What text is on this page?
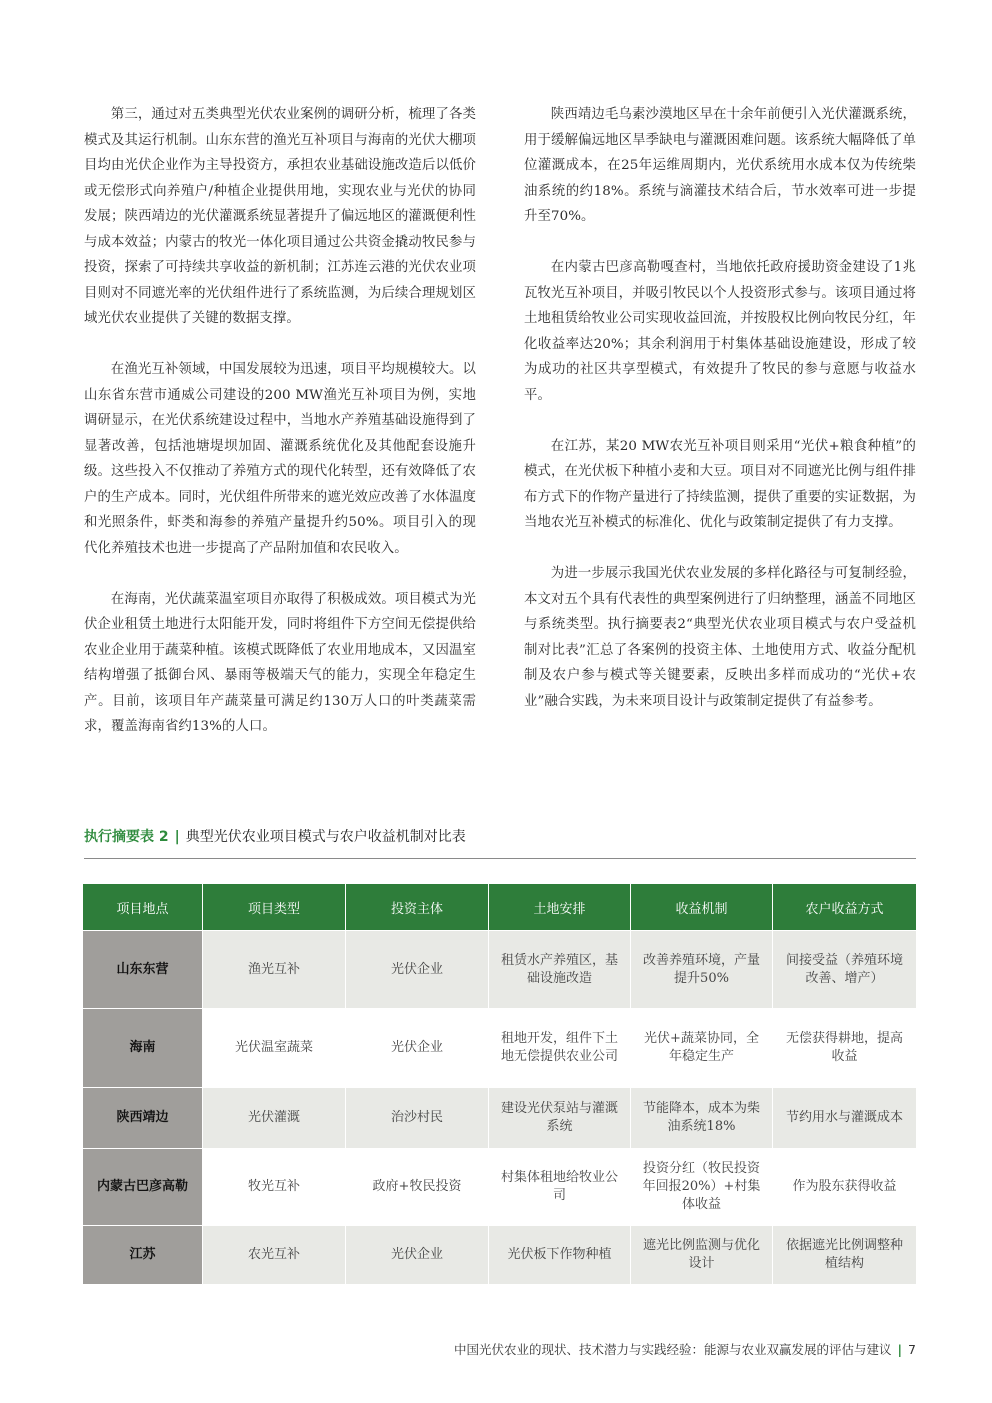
第三，通过对五类典型光伏农业案例的调研分析，梳理了各类模式及其运行机制。山东东营的渔光互补项目与海南的光伏大棚项目均由光伏企业作为主导投资方，承担农业基础设施改造后以低价或无偿形式向养殖户/种植企业提供用地，实现农业与光伏的协同发展；陕西靖边的光伏灌溉系统显著提升了偏远地区的灌溉便利性与成本效益；内蒙古的牧光一体化项目通过公共资金撬动牧民参与投资，探索了可持续共享收益的新机制；江苏连云港的光伏农业项目则对不同遮光率的光伏组件进行了系统监测，为后续合理规划区域光伏农业提供了关键的数据支撑。

在渔光互补领域，中国发展较为迅速，项目平均规模较大。以山东省东营市通威公司建设的200 MW渔光互补项目为例，实地调研显示，在光伏系统建设过程中，当地水产养殖基础设施得到了显著改善，包括池塘堤坝加固、灌溉系统优化及其他配套设施升级。这些投入不仅推动了养殖方式的现代化转型，还有效降低了农户的生产成本。同时，光伏组件所带来的遮光效应改善了水体温度和光照条件，虾类和海参的养殖产量提升约50%。项目引入的现代化养殖技术也进一步提高了产品附加值和农民收入。

在海南，光伏蔬菜温室项目亦取得了积极成效。项目模式为光伏企业租赁土地进行太阳能开发，同时将组件下方空间无偿提供给农业企业用于蔬菜种植。该模式既降低了农业用地成本，又因温室结构增强了抵御台风、暴雨等极端天气的能力，实现全年稳定生产。目前，该项目年产蔬菜量可满足约130万人口的叶类蔬菜需求，覆盖海南省约13%的人口。

陕西靖边毛乌素沙漠地区早在十余年前便引入光伏灌溉系统，用于缓解偏远地区旱季缺电与灌溉困难问题。该系统大幅降低了单位灌溉成本，在25年运维周期内，光伏系统用水成本仅为传统柴油系统的约18%。系统与滴灌技术结合后，节水效率可进一步提升至70%。

在内蒙古巴彦高勒嘎查村，当地依托政府援助资金建设了1兆瓦牧光互补项目，并吸引牧民以个人投资形式参与。该项目通过将土地租赁给牧业公司实现收益回流，并按股权比例向牧民分红，年化收益率达20%；其余利润用于村集体基础设施建设，形成了较为成功的社区共享型模式，有效提升了牧民的参与意愿与收益水平。

在江苏，某20 MW农光互补项目则采用“光伏+粮食种植”的模式，在光伏板下种植小麦和大豆。项目对不同遮光比例与组件排布方式下的作物产量进行了持续监测，提供了重要的实证数据，为当地农光互补模式的标准化、优化与政策制定提供了有力支撑。

为进一步展示我国光伏农业发展的多样化路径与可复制经验，本文对五个具有代表性的典型案例进行了归纳整理，涵盖不同地区与系统类型。执行摘要表2“典型光伏农业项目模式与农户受益机制对比表”汇总了各案例的投资主体、土地使用方式、收益分配机制及农户参与模式等关键要素，反映出多样而成功的“光伏+农业”融合实践，为未来项目设计与政策制定提供了有益参考。

执行摘要表 2 | 典型光伏农业项目模式与农户收益机制对比表
项目地点	项目类型	投资主体	土地安排	收益机制	农户收益方式
山东东营	渔光互补	光伏企业	租赁水产养殖区，基础设施改造	改善养殖环境，产量提升50%	间接受益（养殖环境改善、增产）
海南	光伏温室蔬菜	光伏企业	租地开发，组件下土地无偿提供农业公司	光伏+蔬菜协同，全年稳定生产	无偿获得耕地，提高收益
陕西靖边	光伏灌溉	治沙村民	建设光伏泵站与灌溉系统	节能降本，成本为柴油系统18%	节约用水与灌溉成本
内蒙古巴彦高勒	牧光互补	政府+牧民投资	村集体租地给牧业公司	投资分红（牧民投资年回报20%）+村集体收益	作为股东获得收益
江苏	农光互补	光伏企业	光伏板下作物种植	遮光比例监测与优化设计	依据遮光比例调整种植结构
中国光伏农业的现状、技术潜力与实践经验：能源与农业双赢发展的评估与建议 | 7
